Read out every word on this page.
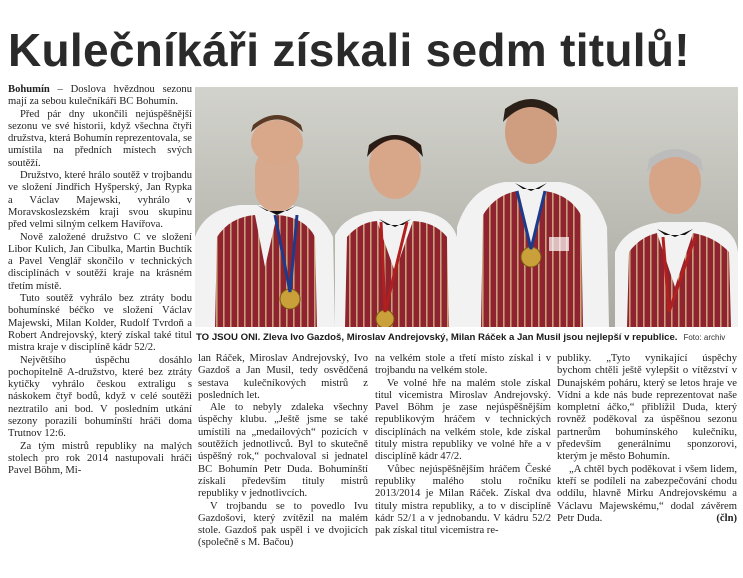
Kulečníkáři získali sedm titulů!

Bohumín – Doslova hvězdnou sezonu mají za sebou kulečníkáři BC Bohumín.

Před pár dny ukončili nejúspěšnější sezonu ve své historii, když všechna čtyři družstva, která Bohumín reprezentovala, se umístila na předních místech svých soutěží.

Družstvo, které hrálo soutěž v trojbandu ve složení Jindřich Hyšperský, Jan Rypka a Václav Majewski, vyhrálo v Moravskoslezském kraji svou skupinu před velmi silným celkem Havířova.

Nově založené družstvo C ve složení Libor Kulich, Jan Cibulka, Martin Buchtík a Pavel Venglář skončilo v technických disciplínách v soutěži kraje na krásném třetím místě.

Tuto soutěž vyhrálo bez ztráty bodu bohumínské béčko ve složení Václav Majewski, Milan Kolder, Rudolf Tvrdoň a Robert Andrejovský, který získal také titul mistra kraje v disciplíně kádr 52/2.

Největšího úspěchu dosáhlo pochopitelně A-družstvo, které bez ztráty kytičky vyhrálo českou extraligu s náskokem čtyř bodů, když v celé soutěži neztratilo ani bod. V posledním utkání sezony porazili bohumínští hráči doma Trutnov 12:6.

Za tým mistrů republiky na malých stolech pro rok 2014 nastupovali hráči Pavel Böhm, Mi-

TO JSOU ONI. Zleva Ivo Gazdoš, Miroslav Andrejovský, Milan Ráček a Jan Musil jsou nejlepší v republice. Foto: archiv

lan Ráček, Miroslav Andrejovský, Ivo Gazdoš a Jan Musil, tedy osvědčená sestava kulečníkových mistrů z posledních let.

Ale to nebyly zdaleka všechny úspěchy klubu. „Ještě jsme se také umístili na „medailových“ pozicích v soutěžích jednotlivců. Byl to skutečně úspěšný rok,“ pochvaloval si jednatel BC Bohumín Petr Duda. Bohumínští získali především tituly mistrů republiky v jednotlivcích.

V trojbandu se to povedlo Ivu Gazdošovi, který zvítězil na malém stole. Gazdoš pak uspěl i ve dvojicích (společně s M. Bačou)

na velkém stole a třetí místo získal i v trojbandu na velkém stole.

Ve volné hře na malém stole získal titul vicemistra Miroslav Andrejovský. Pavel Böhm je zase nejúspěšnějším republikovým hráčem v technických disciplínách na velkém stole, kde získal tituly mistra republiky ve volné hře a v disciplíně kádr 47/2.

Vůbec nejúspěšnějším hráčem České republiky malého stolu ročníku 2013/2014 je Milan Ráček. Získal dva tituly mistra republiky, a to v disciplíně kádr 52/1 a v jednobandu. V kádru 52/2 pak získal titul vicemistra re-

publiky. „Tyto vynikající úspěchy bychom chtěli ještě vylepšit o vítězství v Dunajském poháru, který se letos hraje ve Vídni a kde nás bude reprezentovat naše kompletní áčko,“ přiblížil Duda, který rovněž poděkoval za úspěšnou sezonu partnerům bohumínského kulečníku, především generálnímu sponzorovi, kterým je město Bohumín.

„A chtěl bych poděkovat i všem lidem, kteří se podíleli na zabezpečování chodu oddílu, hlavně Mirku Andrejovskému a Václavu Majewskému,“ dodal závěrem Petr Duda.	(čln)
